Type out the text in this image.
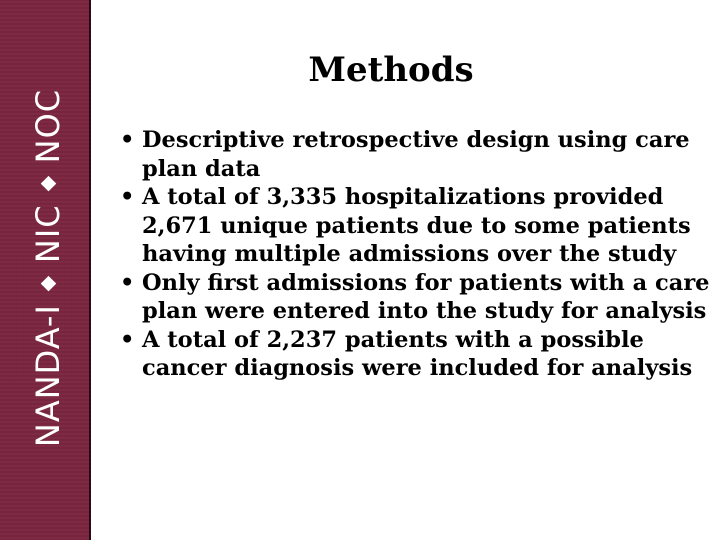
NANDA-I
NIC
NOC
Methods
• Descriptive retrospective design using care plan data
• A total of 3,335 hospitalizations provided 2,671 unique patients due to some patients having multiple admissions over the study
• Only first admissions for patients with a care plan were entered into the study for analysis
• A total of 2,237 patients with a possible cancer diagnosis were included for analysis
